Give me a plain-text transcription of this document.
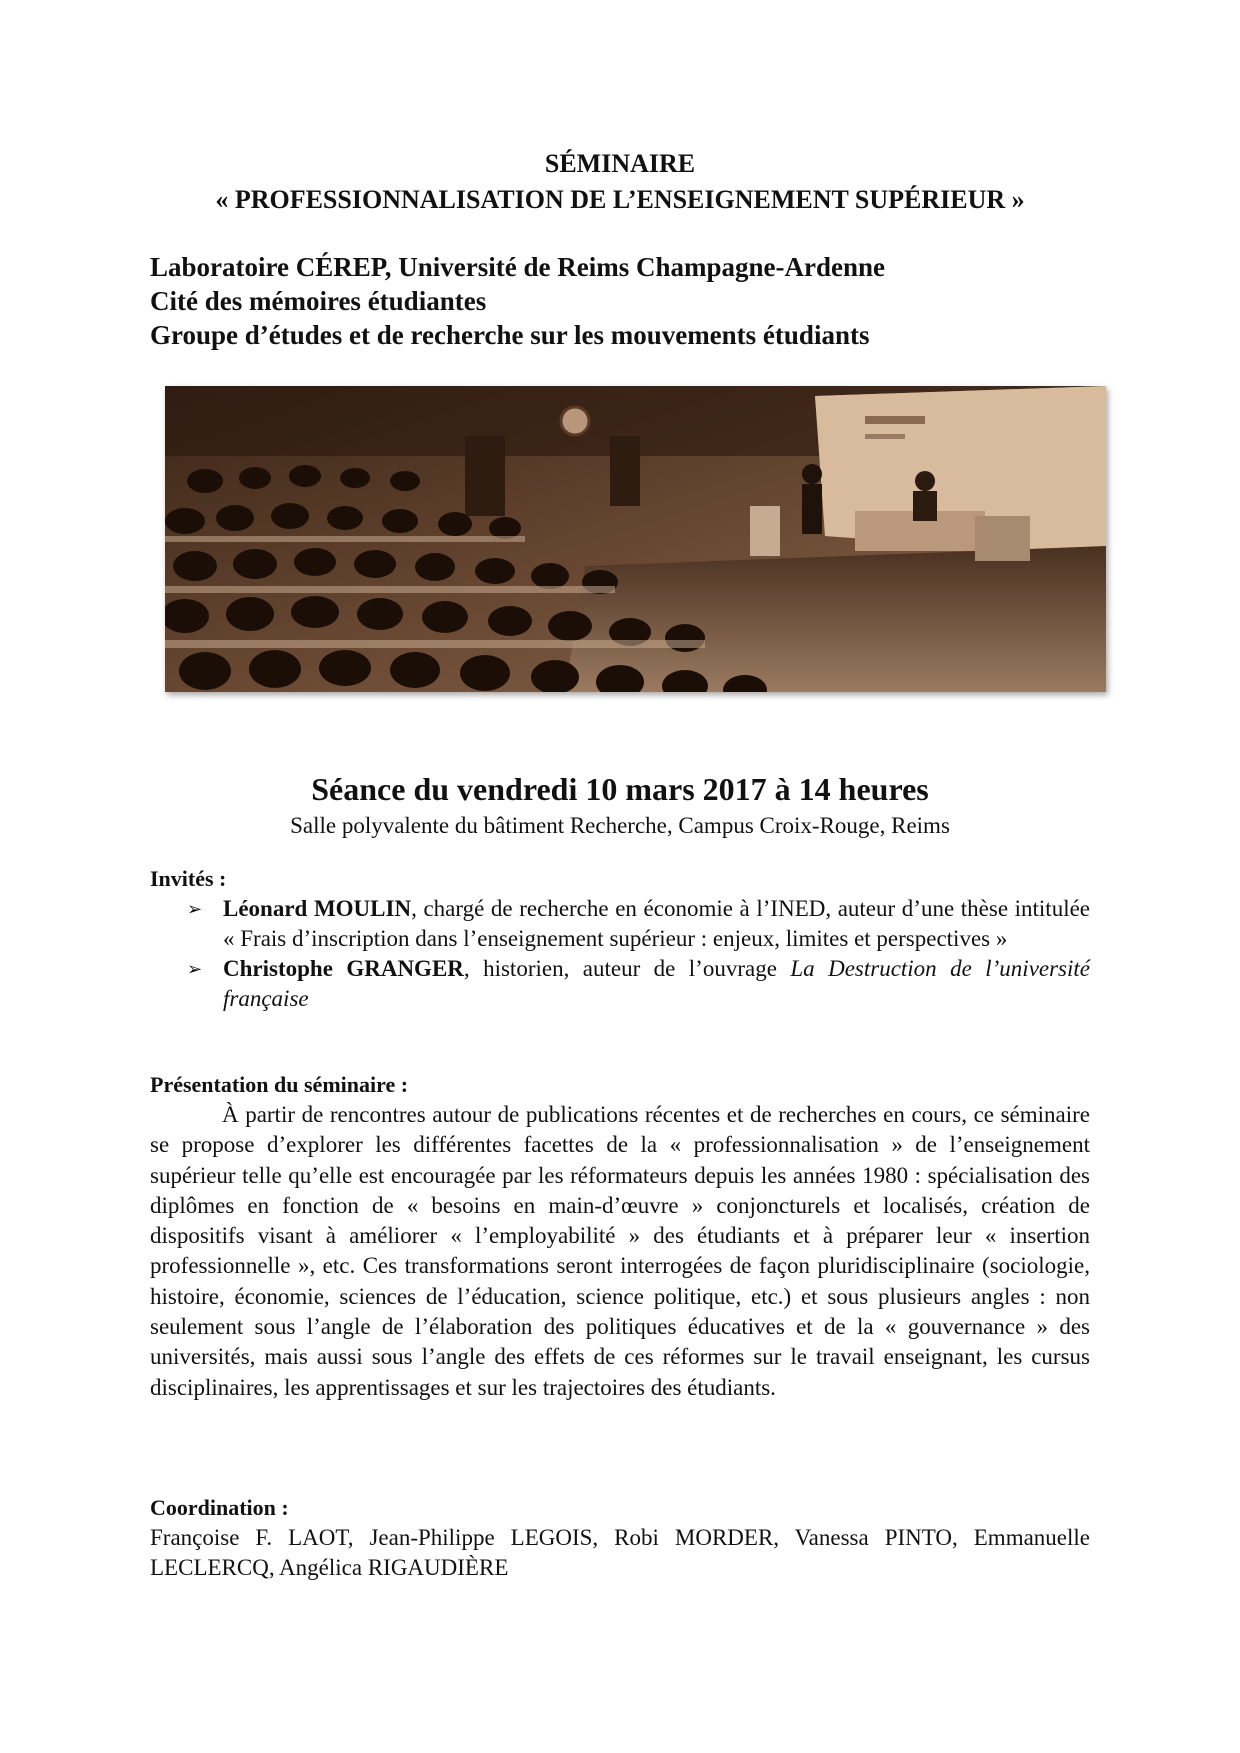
SÉMINAIRE
« PROFESSIONNALISATION DE L’ENSEIGNEMENT SUPÉRIEUR »
Laboratoire CÉREP, Université de Reims Champagne-Ardenne
Cité des mémoires étudiantes
Groupe d’études et de recherche sur les mouvements étudiants
Séance du vendredi 10 mars 2017 à 14 heures
Salle polyvalente du bâtiment Recherche, Campus Croix-Rouge, Reims
Invités :
➢ Léonard MOULIN, chargé de recherche en économie à l’INED, auteur d’une thèse intitulée « Frais d’inscription dans l’enseignement supérieur : enjeux, limites et perspectives »
➢ Christophe GRANGER, historien, auteur de l’ouvrage La Destruction de l’université française
Présentation du séminaire :

À partir de rencontres autour de publications récentes et de recherches en cours, ce séminaire se propose d’explorer les différentes facettes de la « professionnalisation » de l’enseignement supérieur telle qu’elle est encouragée par les réformateurs depuis les années 1980 : spécialisation des diplômes en fonction de « besoins en main-d’œuvre » conjoncturels et localisés, création de dispositifs visant à améliorer « l’employabilité » des étudiants et à préparer leur « insertion professionnelle », etc. Ces transformations seront interrogées de façon pluridisciplinaire (sociologie, histoire, économie, sciences de l’éducation, science politique, etc.) et sous plusieurs angles : non seulement sous l’angle de l’élaboration des politiques éducatives et de la « gouvernance » des universités, mais aussi sous l’angle des effets de ces réformes sur le travail enseignant, les cursus disciplinaires, les apprentissages et sur les trajectoires des étudiants.

Coordination :
Françoise F. LAOT, Jean-Philippe LEGOIS, Robi MORDER, Vanessa PINTO, Emmanuelle LECLERCQ, Angélica RIGAUDIÈRE
